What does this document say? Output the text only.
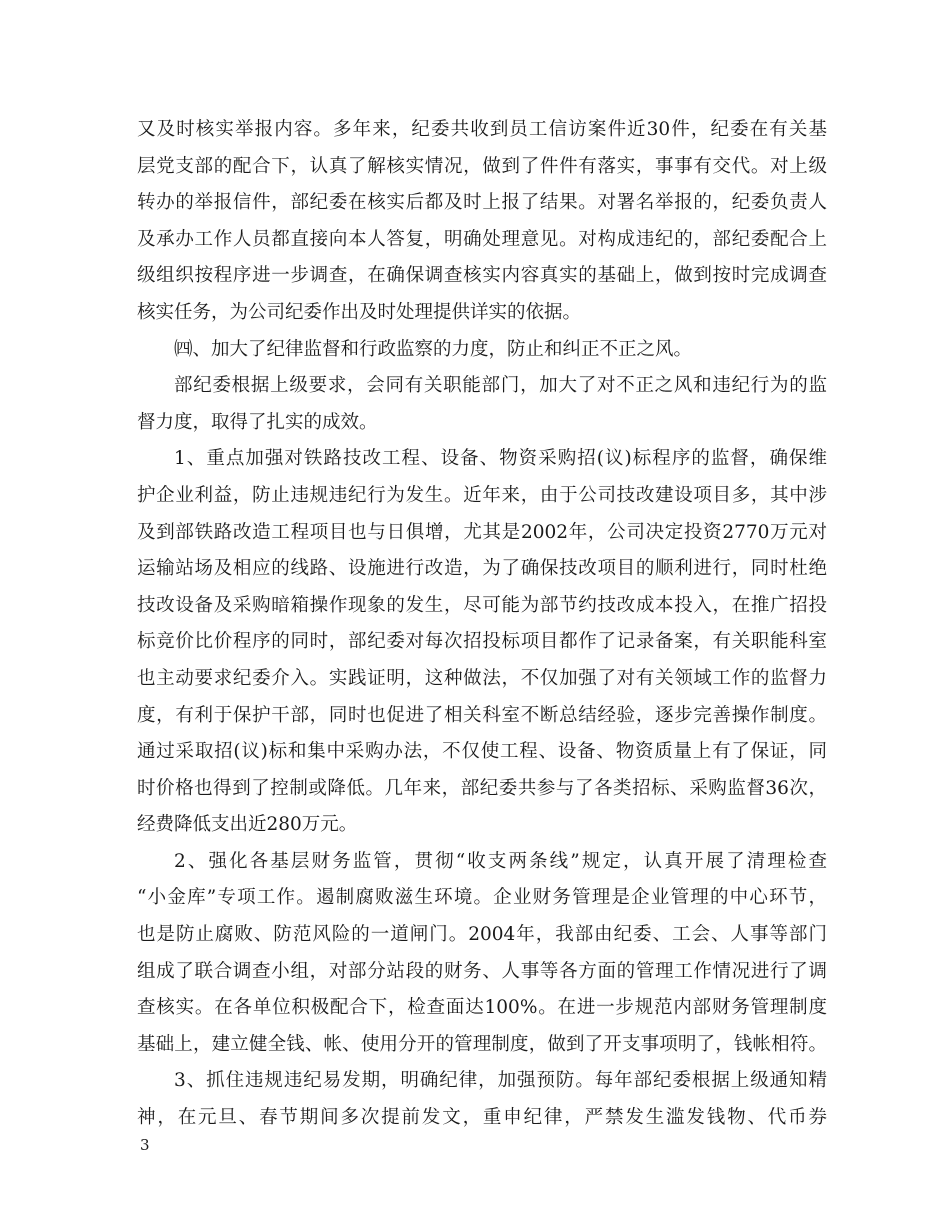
又及时核实举报内容。多年来，纪委共收到员工信访案件近30件，纪委在有关基
层党支部的配合下，认真了解核实情况，做到了件件有落实，事事有交代。对上级
转办的举报信件，部纪委在核实后都及时上报了结果。对署名举报的，纪委负责人
及承办工作人员都直接向本人答复，明确处理意见。对构成违纪的，部纪委配合上
级组织按程序进一步调查，在确保调查核实内容真实的基础上，做到按时完成调查
核实任务，为公司纪委作出及时处理提供详实的依据。
㈣、加大了纪律监督和行政监察的力度，防止和纠正不正之风。
部纪委根据上级要求，会同有关职能部门，加大了对不正之风和违纪行为的监
督力度，取得了扎实的成效。
1、重点加强对铁路技改工程、设备、物资采购招(议)标程序的监督，确保维
护企业利益，防止违规违纪行为发生。近年来，由于公司技改建设项目多，其中涉
及到部铁路改造工程项目也与日俱增，尤其是2002年，公司决定投资2770万元对
运输站场及相应的线路、设施进行改造，为了确保技改项目的顺利进行，同时杜绝
技改设备及采购暗箱操作现象的发生，尽可能为部节约技改成本投入，在推广招投
标竞价比价程序的同时，部纪委对每次招投标项目都作了记录备案，有关职能科室
也主动要求纪委介入。实践证明，这种做法，不仅加强了对有关领域工作的监督力
度，有利于保护干部，同时也促进了相关科室不断总结经验，逐步完善操作制度。
通过采取招(议)标和集中采购办法，不仅使工程、设备、物资质量上有了保证，同
时价格也得到了控制或降低。几年来，部纪委共参与了各类招标、采购监督36次，
经费降低支出近280万元。
2、强化各基层财务监管，贯彻“收支两条线”规定，认真开展了清理检查
“小金库”专项工作。遏制腐败滋生环境。企业财务管理是企业管理的中心环节，
也是防止腐败、防范风险的一道闸门。2004年，我部由纪委、工会、人事等部门
组成了联合调查小组，对部分站段的财务、人事等各方面的管理工作情况进行了调
查核实。在各单位积极配合下，检查面达100%。在进一步规范内部财务管理制度
基础上，建立健全钱、帐、使用分开的管理制度，做到了开支事项明了，钱帐相符。
3、抓住违规违纪易发期，明确纪律，加强预防。每年部纪委根据上级通知精
神，在元旦、春节期间多次提前发文，重申纪律，严禁发生滥发钱物、代币券
3
